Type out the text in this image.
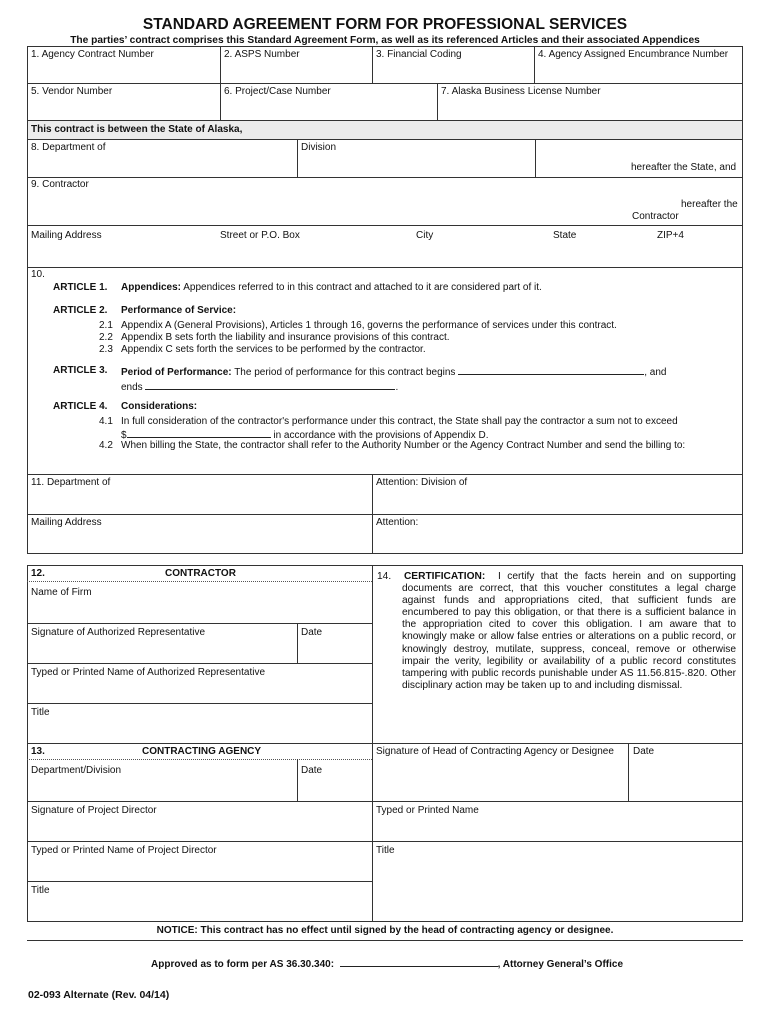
STANDARD AGREEMENT FORM FOR PROFESSIONAL SERVICES
The parties’ contract comprises this Standard Agreement Form, as well as its referenced Articles and their associated Appendices
1. Agency Contract Number	2. ASPS Number	3. Financial Coding	4. Agency Assigned Encumbrance Number
5. Vendor Number	6. Project/Case Number	7. Alaska Business License Number
This contract is between the State of Alaska,
8. Department of	Division
hereafter the State, and
9. Contractor
hereafter the
Contractor
Mailing Address	Street or P.O. Box	City	State	ZIP+4
10.
ARTICLE 1. Appendices: Appendices referred to in this contract and attached to it are considered part of it.
ARTICLE 2. Performance of Service:
2.1 Appendix A (General Provisions), Articles 1 through 16, governs the performance of services under this contract.
2.2 Appendix B sets forth the liability and insurance provisions of this contract.
2.3 Appendix C sets forth the services to be performed by the contractor.
ARTICLE 3. Period of Performance: The period of performance for this contract begins	, and
ends	.
ARTICLE 4. Considerations:
4.1 In full consideration of the contractor's performance under this contract, the State shall pay the contractor a sum not to exceed
$	in accordance with the provisions of Appendix D.
4.2 When billing the State, the contractor shall refer to the Authority Number or the Agency Contract Number and send the billing to:
11. Department of	Attention: Division of
Mailing Address	Attention:
12.	CONTRACTOR
Name of Firm
Signature of Authorized Representative	Date
Typed or Printed Name of Authorized Representative
Title
14. CERTIFICATION: I certify that the facts herein and on supporting documents are correct, that this voucher constitutes a legal charge against funds and appropriations cited, that sufficient funds are encumbered to pay this obligation, or that there is a sufficient balance in the appropriation cited to cover this obligation. I am aware that to knowingly make or allow false entries or alterations on a public record, or knowingly destroy, mutilate, suppress, conceal, remove or otherwise impair the verity, legibility or availability of a public record constitutes tampering with public records punishable under AS 11.56.815-.820. Other disciplinary action may be taken up to and including dismissal.
13.	CONTRACTING AGENCY
Department/Division	Date
Signature of Project Director
Typed or Printed Name of Project Director
Title
Signature of Head of Contracting Agency or Designee Date
Typed or Printed Name
Title
NOTICE: This contract has no effect until signed by the head of contracting agency or designee.
Approved as to form per AS 36.30.340:	, Attorney General’s Office
02-093 Alternate (Rev. 04/14)
